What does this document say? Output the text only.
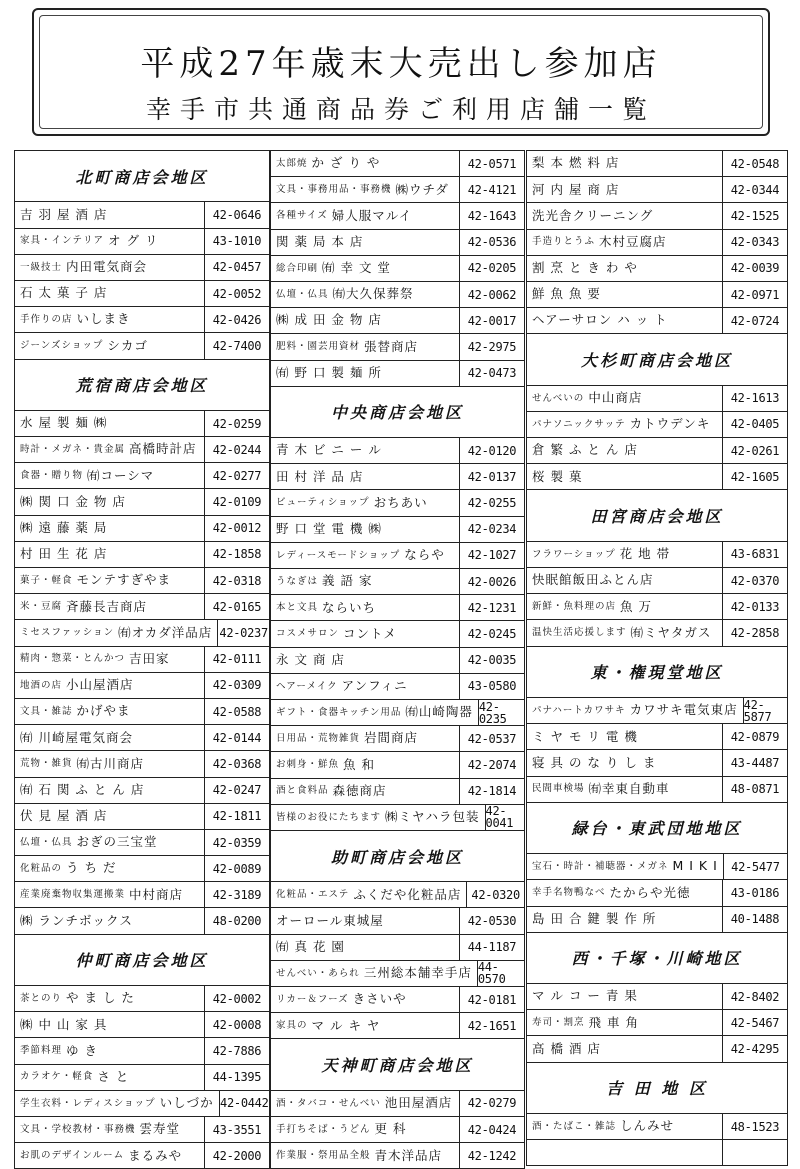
平成27年歳末大売出し参加店
幸手市共通商品券ご利用店舗一覧
北町商店会地区
吉 羽 屋 酒 店	42-0646
家具・インテリア オ グ リ	43-1010
一級技士 内田電気商会	42-0457
石 太 菓 子 店	42-0052
手作りの店 いしまき	42-0426
ジーンズショップ シカゴ	42-7400
荒宿商店会地区
水 屋 製 麺 ㈱	42-0259
時計・メガネ・貴金属 高橋時計店	42-0244
食器・贈り物 ㈲コーシマ	42-0277
㈱ 関 口 金 物 店	42-0109
㈱ 遠 藤 薬 局	42-0012
村 田 生 花 店	42-1858
菓子・軽食 モンテすぎやま	42-0318
米・豆腐 斉藤長吉商店	42-0165
ミセスファッション ㈲オカダ洋品店 42-0237
精肉・惣菜・とんかつ 吉田家	42-0111
地酒の店 小山屋酒店	42-0309
文具・雑誌 かげやま	42-0588
㈲ 川崎屋電気商会	42-0144
荒物・雑貨 ㈲古川商店	42-0368
㈲ 石 関 ふ と ん 店	42-0247
伏 見 屋 酒 店	42-1811
仏壇・仏具 おぎの三宝堂	42-0359
化粧品の う ち だ	42-0089
産業廃棄物収集運搬業 中村商店	42-3189
㈱ ランチボックス	48-0200
仲町商店会地区
茶とのり や ま し た	42-0002
㈱ 中 山 家 具	42-0008
季節料理 ゆ き	42-7886
カラオケ・軽食 さ と	44-1395
学生衣料・レディスショップ いしづか 42-0442
文具・学校教材・事務機 雲寿堂	43-3551
お肌のデザインルーム まるみや	42-2000
太郎焼 か ざ り や	42-0571
文具・事務用品・事務機 ㈱ウチダ	42-4121
各種サイズ 婦人服マルイ	42-1643
関 薬 局 本 店	42-0536
総合印刷 ㈲ 幸 文 堂	42-0205
仏壇・仏具 ㈲大久保葬祭	42-0062
㈱ 成 田 金 物 店	42-0017
肥料・園芸用資材 張替商店	42-2975
㈲ 野 口 製 麺 所	42-0473
中央商店会地区
青 木 ビ ニ ー ル	42-0120
田 村 洋 品 店	42-0137
ビューティショップ おちあい	42-0255
野 口 堂 電 機 ㈱	42-0234
レディースモードショップ ならや	42-1027
うなぎは 義 語 家	42-0026
本と文具 ならいち	42-1231
コスメサロン コントメ	42-0245
永 文 商 店	42-0035
ヘアーメイク アンフィニ	43-0580
ギフト・食器キッチン用品 ㈲山崎陶器 42-0235
日用品・荒物雑貨 岩間商店	42-0537
お刺身・鮮魚 魚 和	42-2074
酒と食料品 森徳商店	42-1814
皆様のお役にたちます ㈱ミヤハラ包装 42-0041
助町商店会地区
化粧品・エステ ふくだや化粧品店 42-0320
オーロール東城屋	42-0530
㈲ 真 花 園	44-1187
せんべい・あられ 三州総本舗幸手店 44-0570
リカー＆フーズ きさいや	42-0181
家具の マ ル キ ヤ	42-1651
天神町商店会地区
酒・タバコ・せんべい 池田屋酒店	42-0279
手打ちそば・うどん 更 科	42-0424
作業服・祭用品全般 青木洋品店	42-1242
梨 本 燃 料 店	42-0548
河 内 屋 商 店	42-0344
洗光舎クリーニング	42-1525
手造りとうふ 木村豆腐店	42-0343
割 烹 と き わ や	42-0039
鮮 魚 魚 要	42-0971
ヘアーサロン ハ ッ ト	42-0724
大杉町商店会地区
せんべいの 中山商店	42-1613
パナソニックサッテ カトウデンキ	42-0405
倉 繁 ふ と ん 店	42-0261
桜 製 菓	42-1605
田宮商店会地区
フラワーショップ 花 地 帯	43-6831
快眠館飯田ふとん店	42-0370
新鮮・魚料理の店 魚 万	42-0133
温快生活応援します ㈲ミヤタガス	42-2858
東・権現堂地区
パナハートカワサキ カワサキ電気東店 42-5877
ミ ヤ モ リ 電 機	42-0879
寝 具 の な り し ま	43-4487
民間車検場 ㈲幸東自動車	48-0871
緑台・東武団地地区
宝石・時計・補聴器・メガネ M I K I	42-5477
幸手名物鴨なべ たからや光徳	43-0186
島 田 合 鍵 製 作 所	40-1488
西・千塚・川崎地区
マ ル コ ー 青 果	42-8402
寿司・割烹 飛 車 角	42-5467
高 橋 酒 店	42-4295
吉 田 地 区
酒・たばこ・雑誌 しんみせ	48-1523
